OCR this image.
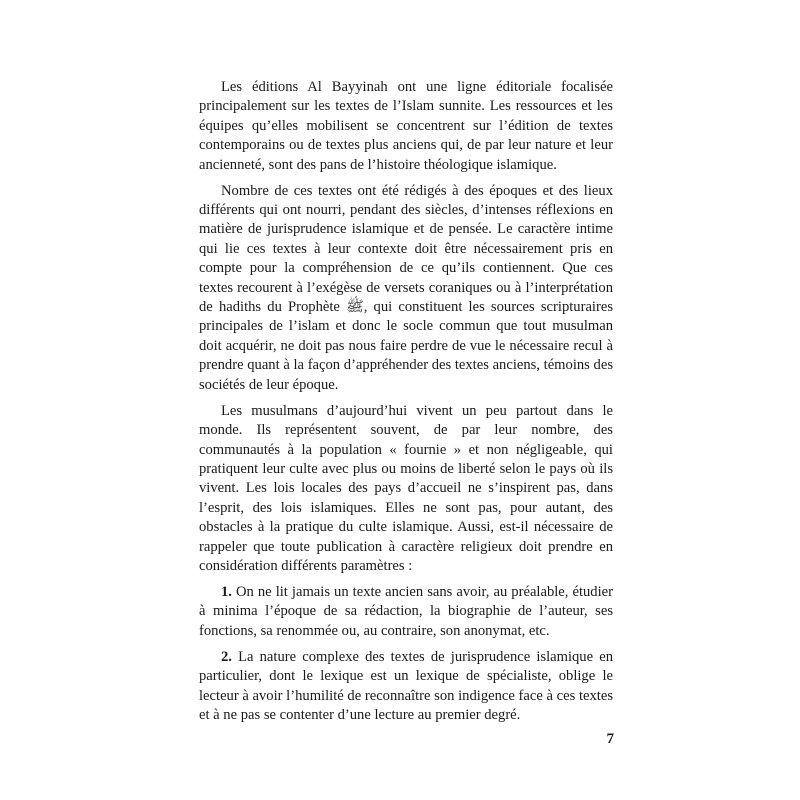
Les éditions Al Bayyinah ont une ligne éditoriale focalisée principalement sur les textes de l’Islam sunnite. Les ressources et les équipes qu’elles mobilisent se concentrent sur l’édition de textes contemporains ou de textes plus anciens qui, de par leur nature et leur ancienneté, sont des pans de l’histoire théologique islamique.

Nombre de ces textes ont été rédigés à des époques et des lieux différents qui ont nourri, pendant des siècles, d’intenses réflexions en matière de jurisprudence islamique et de pensée. Le caractère intime qui lie ces textes à leur contexte doit être nécessairement pris en compte pour la compréhension de ce qu’ils contiennent. Que ces textes recourent à l’exégèse de versets coraniques ou à l’interprétation de hadiths du Prophète ﷺ, qui constituent les sources scripturaires principales de l’islam et donc le socle commun que tout musulman doit acquérir, ne doit pas nous faire perdre de vue le nécessaire recul à prendre quant à la façon d’appréhender des textes anciens, témoins des sociétés de leur époque.

Les musulmans d’aujourd’hui vivent un peu partout dans le monde. Ils représentent souvent, de par leur nombre, des communautés à la population « fournie » et non négligeable, qui pratiquent leur culte avec plus ou moins de liberté selon le pays où ils vivent. Les lois locales des pays d’accueil ne s’inspirent pas, dans l’esprit, des lois islamiques. Elles ne sont pas, pour autant, des obstacles à la pratique du culte islamique. Aussi, est-il nécessaire de rappeler que toute publication à caractère religieux doit prendre en considération différents paramètres :

1. On ne lit jamais un texte ancien sans avoir, au préalable, étudier à minima l’époque de sa rédaction, la biographie de l’auteur, ses fonctions, sa renommée ou, au contraire, son anonymat, etc.

2. La nature complexe des textes de jurisprudence islamique en particulier, dont le lexique est un lexique de spécialiste, oblige le lecteur à avoir l’humilité de reconnaître son indigence face à ces textes et à ne pas se contenter d’une lecture au premier degré.

7
